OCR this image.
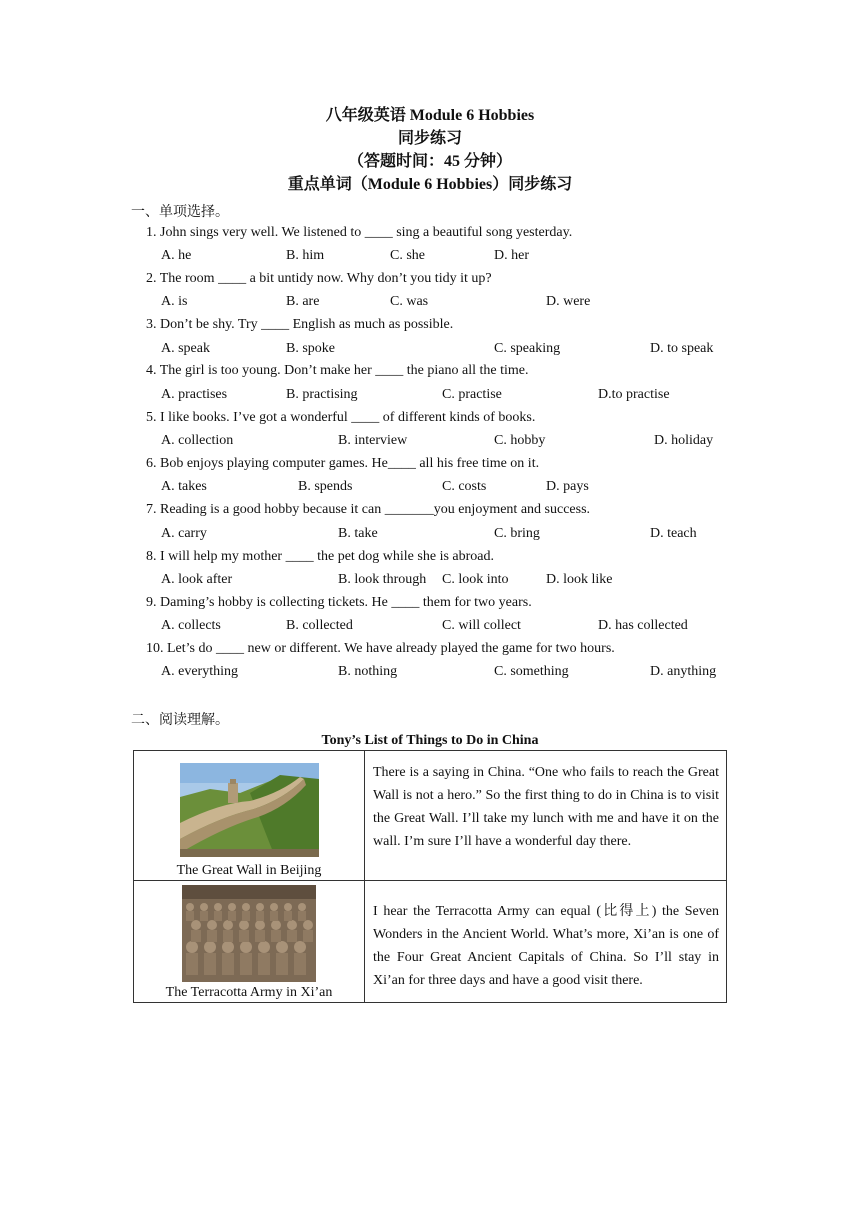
八年级英语 Module 6 Hobbies
同步练习
（答题时间：45 分钟）
重点单词（Module 6 Hobbies）同步练习
一、单项选择。
1. John sings very well. We listened to ____ sing a beautiful song yesterday.
A. he	B. him	C. she	D. her
2. The room ____ a bit untidy now. Why don’t you tidy it up?
A. is	B. are	C. was	D. were
3. Don’t be shy. Try ____ English as much as possible.
A. speak	B. spoke	C. speaking	D. to speak
4. The girl is too young. Don’t make her ____ the piano all the time.
A. practises	B. practising	C. practise	D.to practise
5. I like books. I’ve got a wonderful ____ of different kinds of books.
A. collection	B. interview	C. hobby	D. holiday
6. Bob enjoys playing computer games. He____ all his free time on it.
A. takes	B. spends	C. costs	D. pays
7. Reading is a good hobby because it can _______you enjoyment and success.
A. carry	B. take	C. bring	D. teach
8. I will help my mother ____ the pet dog while she is abroad.
A. look after	B. look through C. look into	D. look like
9. Daming’s hobby is collecting tickets. He ____ them for two years.
A. collects	B. collected	C. will collect	D. has collected
10. Let’s do ____ new or different. We have already played the game for two hours.
A. everything	B. nothing	C. something	D. anything
二、阅读理解。
Tony’s List of Things to Do in China
The Great Wall in Beijing	There is a saying in China. “One who fails to reach the Great Wall is not a hero.” So the first thing to do in China is to visit the Great Wall. I’ll take my lunch with me and have it on the wall. I’m sure I’ll have a wonderful day there.

The Terracotta Army in Xi’an	I hear the Terracotta Army can equal (比得上) the Seven Wonders in the Ancient World. What’s more, Xi’an is one of the Four Great Ancient Capitals of China. So I’ll stay in Xi’an for three days and have a good visit there.
